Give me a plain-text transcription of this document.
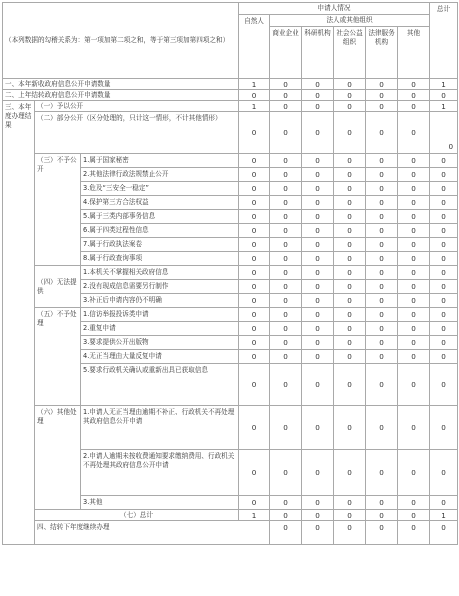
（本列数据的勾稽关系为：第一项加第二项之和，等于第三项加第四项之和）			申请人情况						总计	
			自然人	法人或其他组织						
				商业企业	科研机构	社会公益组织	法律服务机构	其他		
一、本年新收政府信息公开申请数量			1	0	0	0	0	0	1	
二、上年结转政府信息公开申请数量			0	0	0	0	0	0	0	
三、本年度办理结果	（一）予以公开		1	0	0	0	0	0	1	
	（二）部分公开（区分处理的，只计这一情形，不计其他情形）		0	0	0	0	0	0	0	
	（三）不予公开	1.属于国家秘密	0	0	0	0	0	0	0	
		2.其他法律行政法规禁止公开	0	0	0	0	0	0	0	
		3.危及“三安全一稳定”	0	0	0	0	0	0	0	
		4.保护第三方合法权益	0	0	0	0	0	0	0	
		5.属于三类内部事务信息	0	0	0	0	0	0	0	
		6.属于四类过程性信息	0	0	0	0	0	0	0	
		7.属于行政执法案卷	0	0	0	0	0	0	0	
		8.属于行政查询事项	0	0	0	0	0	0	0	
	（四）无法提供	1.本机关不掌握相关政府信息	0	0	0	0	0	0	0	
		2.没有现成信息需要另行制作	0	0	0	0	0	0	0	
		3.补正后申请内容仍不明确	0	0	0	0	0	0	0	
	（五）不予处理	1.信访举报投诉类申请	0	0	0	0	0	0	0	
		2.重复申请	0	0	0	0	0	0	0	
		3.要求提供公开出版物	0	0	0	0	0	0	0	
		4.无正当理由大量反复申请	0	0	0	0	0	0	0	
		5.要求行政机关确认或重新出具已获取信息	0	0	0	0	0	0	0	
	（六）其他处理	1.申请人无正当理由逾期不补正、行政机关不再处理其政府信息公开申请	0	0	0	0	0	0	0	
		2.申请人逾期未按收费通知要求缴纳费用、行政机关不再处理其政府信息公开申请	0	0	0	0	0	0	0	
		3.其他	0	0	0	0	0	0	0	
	（七）总计		1	0	0	0	0	0	1	
	四、结转下年度继续办理			0	0	0	0	0	0	
